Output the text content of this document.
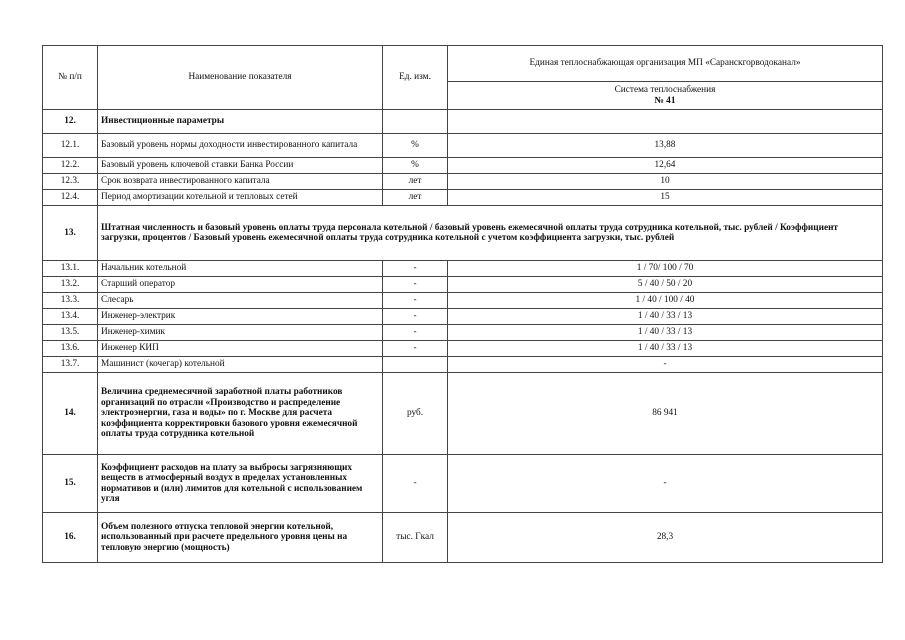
№ п/п	Наименование показателя	Ед. изм.	Единая теплоснабжающая организация МП «Саранскгорводоканал»

			Система теплоснабжения
№ 41

12.	Инвестиционные параметры		
12.1.	Базовый уровень нормы доходности инвестированного капитала	%	13,88
12.2.	Базовый уровень ключевой ставки Банка России	%	12,64
12.3.	Срок возврата инвестированного капитала	лет	10
12.4.	Период амортизации котельной и тепловых сетей	лет	15
13.	Штатная численность и базовый уровень оплаты труда персонала котельной / базовый уровень ежемесячной оплаты труда сотрудника котельной, тыс. рублей / Коэффициент загрузки, процентов / Базовый уровень ежемесячной оплаты труда сотрудника котельной с учетом коэффициента загрузки, тыс. рублей		
13.1.	Начальник котельной	-	1 / 70/ 100 / 70
13.2.	Старший оператор	-	5 / 40 / 50 / 20
13.3.	Слесарь	-	1 / 40 / 100 / 40
13.4.	Инженер-электрик	-	1 / 40 / 33 / 13
13.5.	Инженер-химик	-	1 / 40 / 33 / 13
13.6.	Инженер КИП	-	1 / 40 / 33 / 13
13.7.	Машинист (кочегар) котельной		-
14.	Величина среднемесячной заработной платы работников организаций по отрасли «Производство и распределение электроэнергии, газа и воды» по г. Москве для расчета коэффициента корректировки базового уровня ежемесячной оплаты труда сотрудника котельной	руб.	86 941
15.	Коэффициент расходов на плату за выбросы загрязняющих веществ в атмосферный воздух в пределах установленных нормативов и (или) лимитов для котельной с использованием угля	-	-
16.	Объем полезного отпуска тепловой энергии котельной, использованный при расчете предельного уровня цены на тепловую энергию (мощность)	тыс. Гкал	28,3
